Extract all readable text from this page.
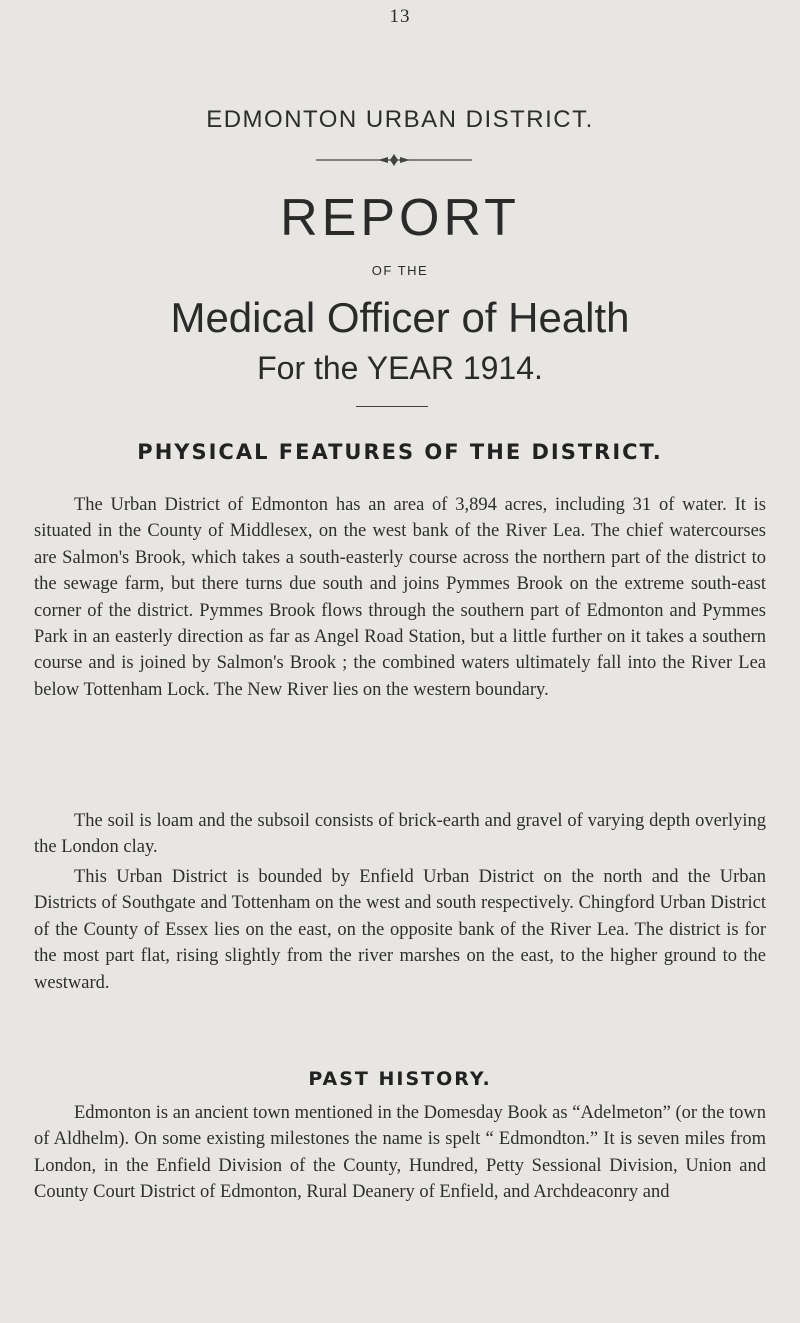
13
EDMONTON URBAN DISTRICT.
REPORT
OF THE
Medical Officer of Health
For the YEAR 1914.
PHYSICAL FEATURES OF THE DISTRICT.

The Urban District of Edmonton has an area of 3,894 acres, including 31 of water. It is situated in the County of Middlesex, on the west bank of the River Lea. The chief watercourses are Salmon's Brook, which takes a south-easterly course across the northern part of the district to the sewage farm, but there turns due south and joins Pymmes Brook on the extreme south-east corner of the district. Pymmes Brook flows through the southern part of Edmonton and Pymmes Park in an easterly direction as far as Angel Road Station, but a little further on it takes a southern course and is joined by Salmon's Brook ; the combined waters ultimately fall into the River Lea below Tottenham Lock. The New River lies on the western boundary.

The soil is loam and the subsoil consists of brick-earth and gravel of varying depth overlying the London clay.

This Urban District is bounded by Enfield Urban District on the north and the Urban Districts of Southgate and Tottenham on the west and south respectively. Chingford Urban District of the County of Essex lies on the east, on the opposite bank of the River Lea. The district is for the most part flat, rising slightly from the river marshes on the east, to the higher ground to the westward.

PAST HISTORY.

Edmonton is an ancient town mentioned in the Domesday Book as “Adelmeton” (or the town of Aldhelm). On some existing milestones the name is spelt “ Edmondton.” It is seven miles from London, in the Enfield Division of the County, Hundred, Petty Sessional Division, Union and County Court District of Edmonton, Rural Deanery of Enfield, and Archdeaconry and
